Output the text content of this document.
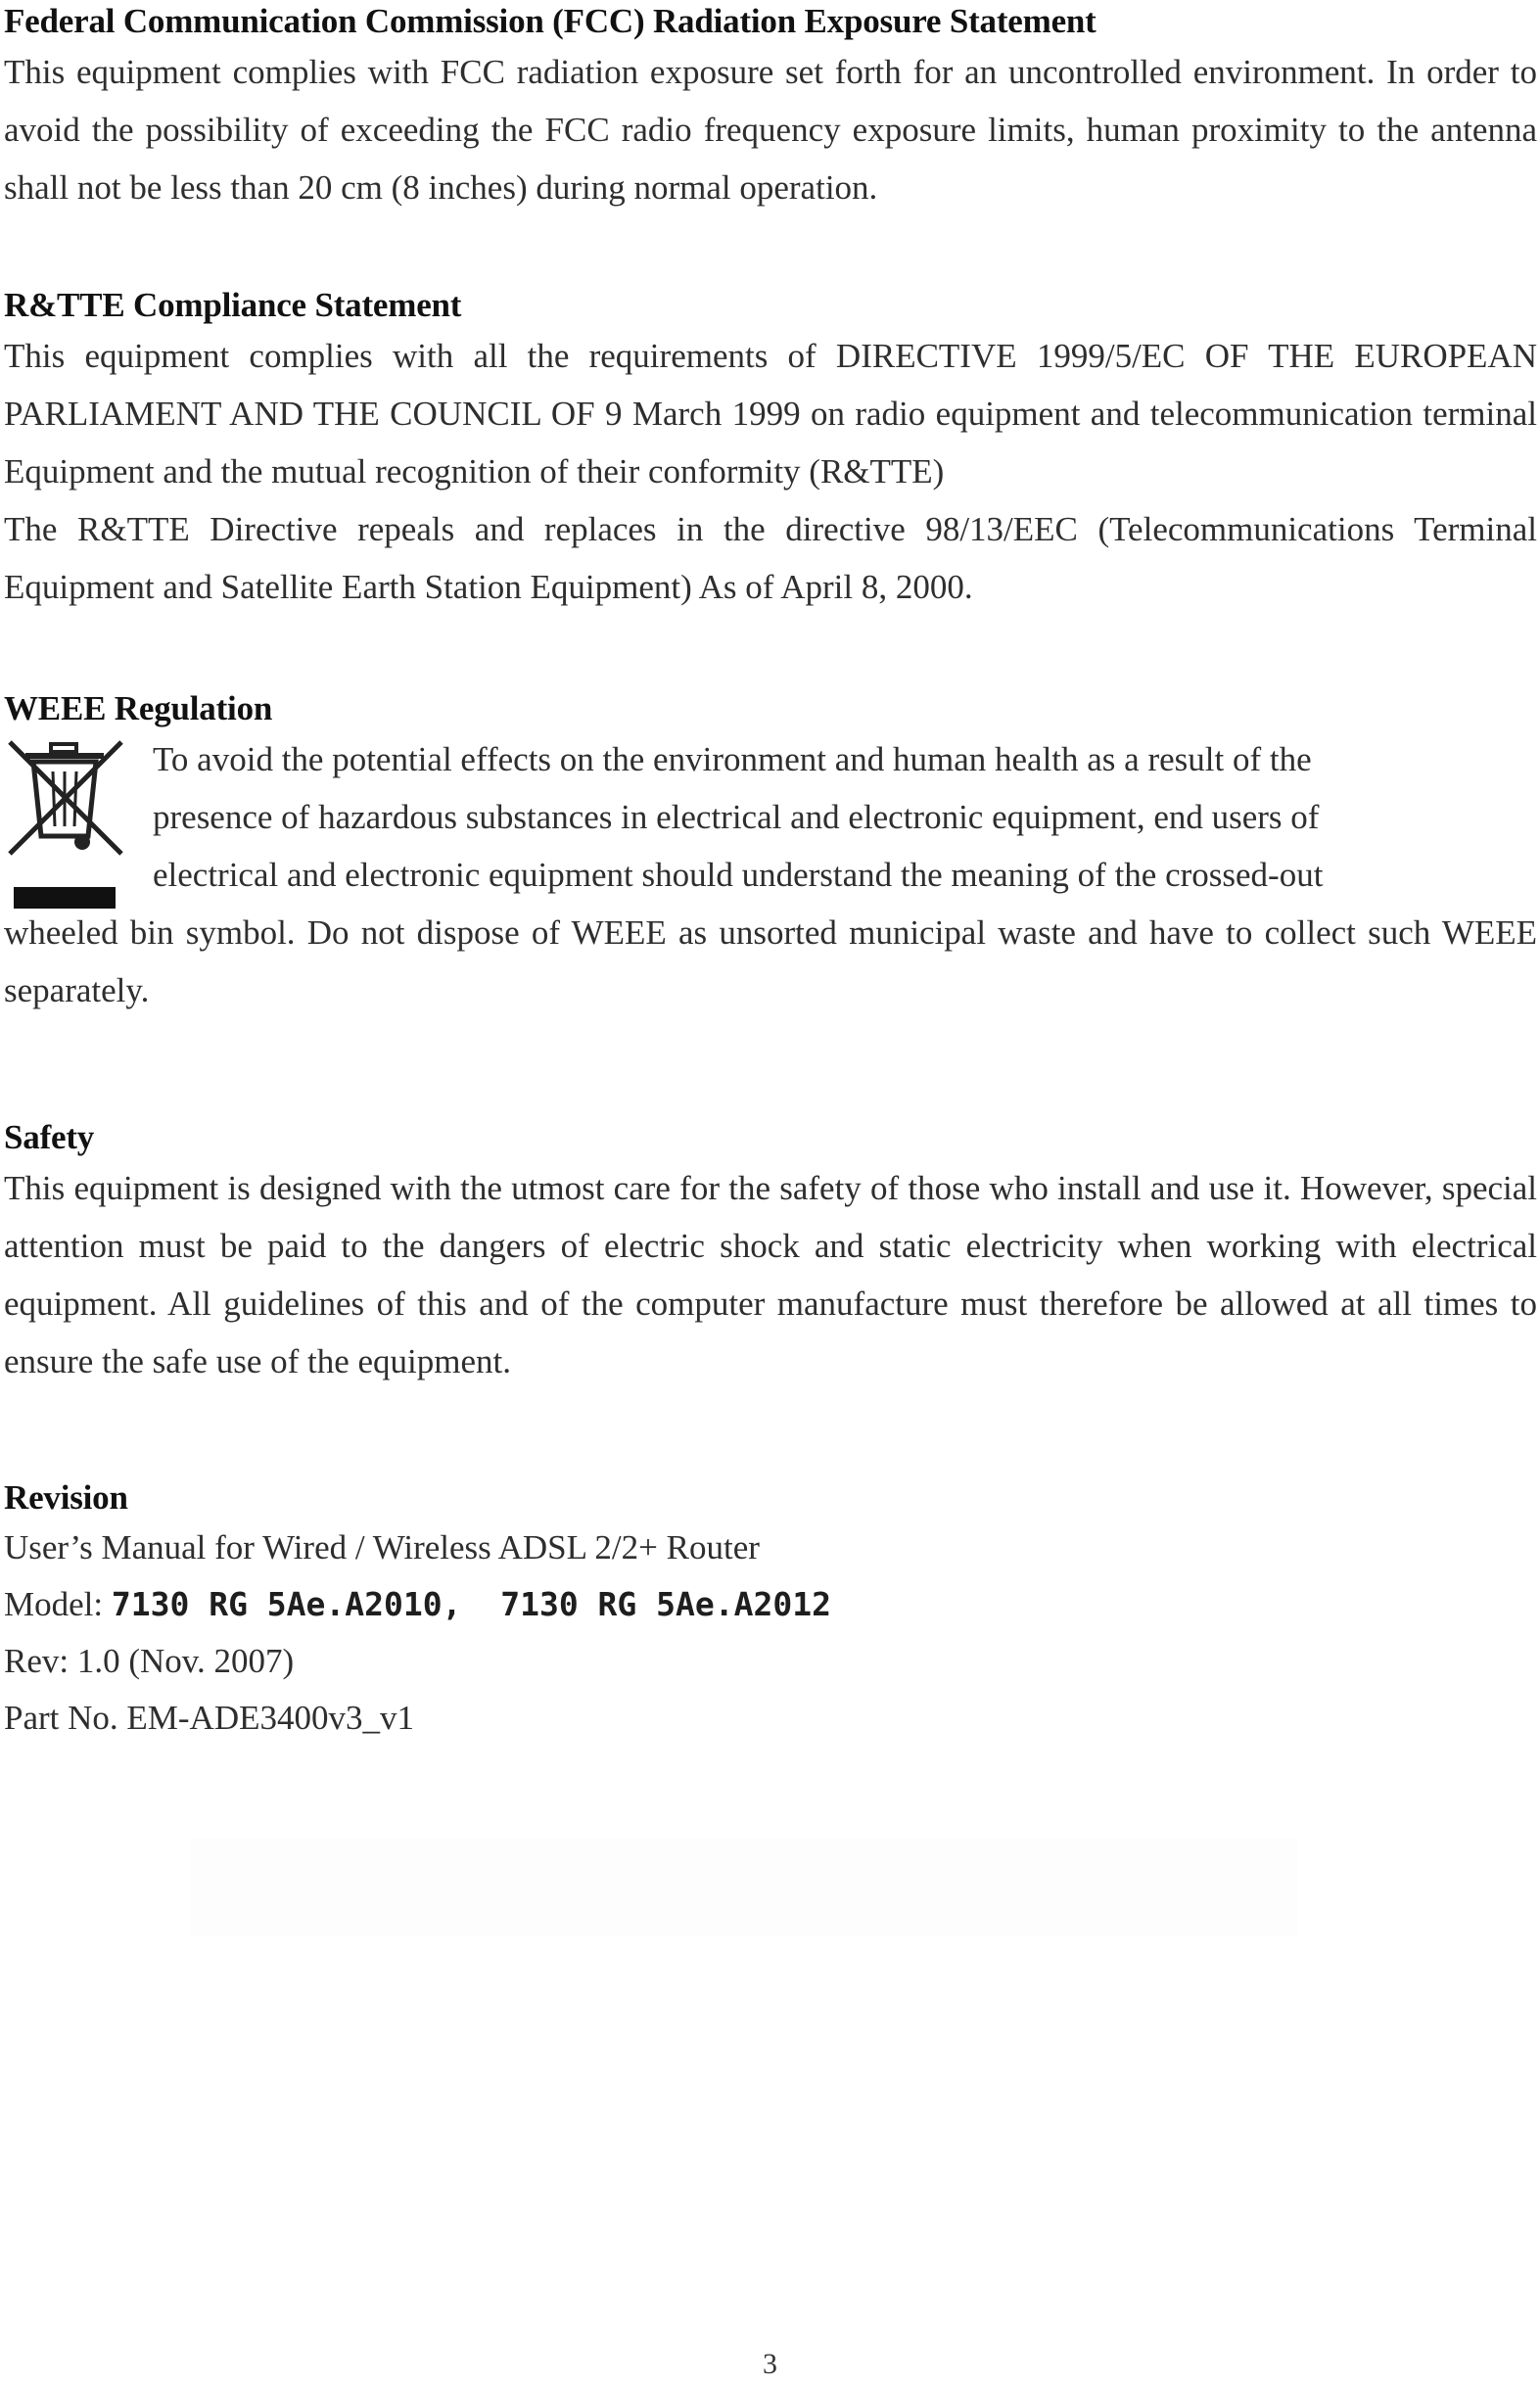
Federal Communication Commission (FCC) Radiation Exposure Statement

This equipment complies with FCC radiation exposure set forth for an uncontrolled environment. In order to avoid the possibility of exceeding the FCC radio frequency exposure limits, human proximity to the antenna shall not be less than 20 cm (8 inches) during normal operation.

R&TTE Compliance Statement

This equipment complies with all the requirements of DIRECTIVE 1999/5/EC OF THE EUROPEAN PARLIAMENT AND THE COUNCIL OF 9 March 1999 on radio equipment and telecommunication terminal Equipment and the mutual recognition of their conformity (R&TTE)

The R&TTE Directive repeals and replaces in the directive 98/13/EEC (Telecommunications Terminal Equipment and Satellite Earth Station Equipment) As of April 8, 2000.

WEEE Regulation

To avoid the potential effects on the environment and human health as a result of the

presence of hazardous substances in electrical and electronic equipment, end users of

electrical and electronic equipment should understand the meaning of the crossed-out

wheeled bin symbol. Do not dispose of WEEE as unsorted municipal waste and have to collect such WEEE separately.

Safety

This equipment is designed with the utmost care for the safety of those who install and use it. However, special attention must be paid to the dangers of electric shock and static electricity when working with electrical equipment. All guidelines of this and of the computer manufacture must therefore be allowed at all times to ensure the safe use of the equipment.

Revision

User’s Manual for Wired / Wireless ADSL 2/2+ Router

Model: 7130 RG 5Ae.A2010,  7130 RG 5Ae.A2012

Rev: 1.0 (Nov. 2007)

Part No. EM-ADE3400v3_v1

3
